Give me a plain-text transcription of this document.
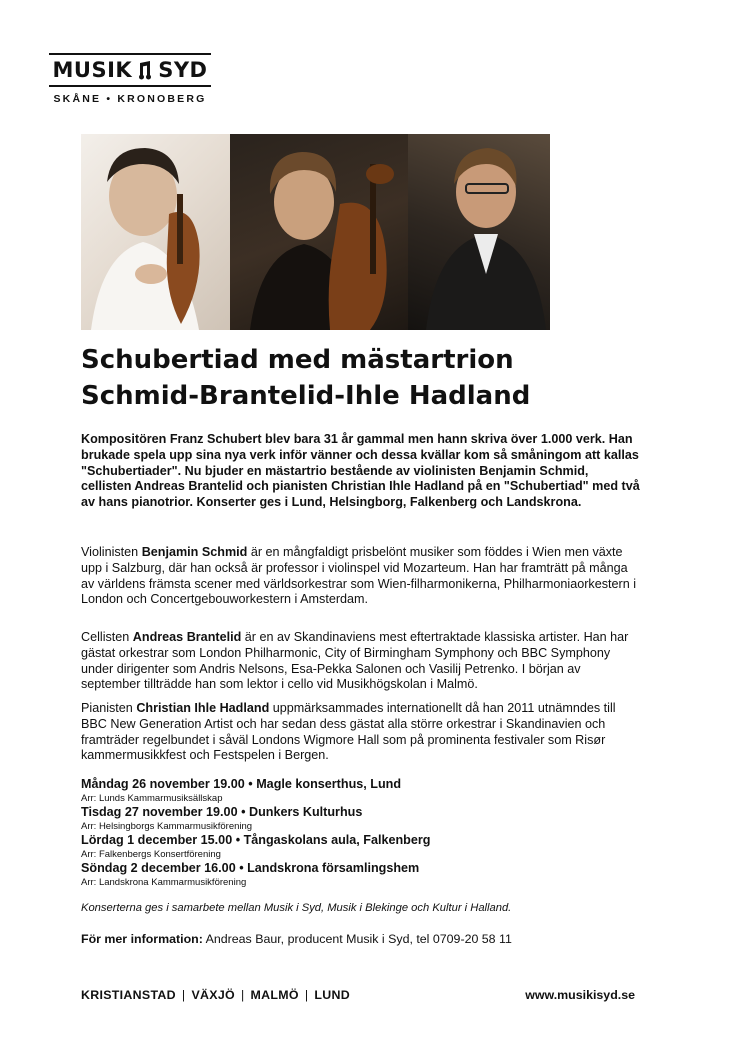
MUSIK SYD
SKÅNE • KRONOBERG
Schubertiad med mästartrion
Schmid-Brantelid-Ihle Hadland
Kompositören Franz Schubert blev bara 31 år gammal men hann skriva över 1.000 verk. Han brukade spela upp sina nya verk inför vänner och dessa kvällar kom så småningom att kallas "Schubertiader". Nu bjuder en mästartrio bestående av violinisten Benjamin Schmid, cellisten Andreas Brantelid och pianisten Christian Ihle Hadland på en "Schubertiad" med två av hans pianotrior. Konserter ges i Lund, Helsingborg, Falkenberg och Landskrona.
Violinisten Benjamin Schmid är en mångfaldigt prisbelönt musiker som föddes i Wien men växte upp i Salzburg, där han också är professor i violinspel vid Mozarteum. Han har framträtt på många av världens främsta scener med världsorkestrar som Wien-filharmonikerna, Philharmoniaorkestern i London och Concertgebouworkestern i Amsterdam.
Cellisten Andreas Brantelid är en av Skandinaviens mest eftertraktade klassiska artister. Han har gästat orkestrar som London Philharmonic, City of Birmingham Symphony och BBC Symphony under dirigenter som Andris Nelsons, Esa-Pekka Salonen och Vasilij Petrenko. I början av september tillträdde han som lektor i cello vid Musikhögskolan i Malmö.
Pianisten Christian Ihle Hadland uppmärksammades internationellt då han 2011 utnämndes till BBC New Generation Artist och har sedan dess gästat alla större orkestrar i Skandinavien och framträder regelbundet i såväl Londons Wigmore Hall som på prominenta festivaler som Risør kammermusikkfest och Festspelen i Bergen.
Måndag 26 november 19.00 • Magle konserthus, Lund
Arr: Lunds Kammarmusiksällskap
Tisdag 27 november 19.00 • Dunkers Kulturhus
Arr: Helsingborgs Kammarmusikförening
Lördag 1 december 15.00 • Tångaskolans aula, Falkenberg
Arr: Falkenbergs Konsertförening
Söndag 2 december 16.00 • Landskrona församlingshem
Arr: Landskrona Kammarmusikförening
Konserterna ges i samarbete mellan Musik i Syd, Musik i Blekinge och Kultur i Halland.
För mer information: Andreas Baur, producent Musik i Syd, tel 0709-20 58 11
KRISTIANSTAD | VÄXJÖ | MALMÖ | LUND	www.musikisyd.se
